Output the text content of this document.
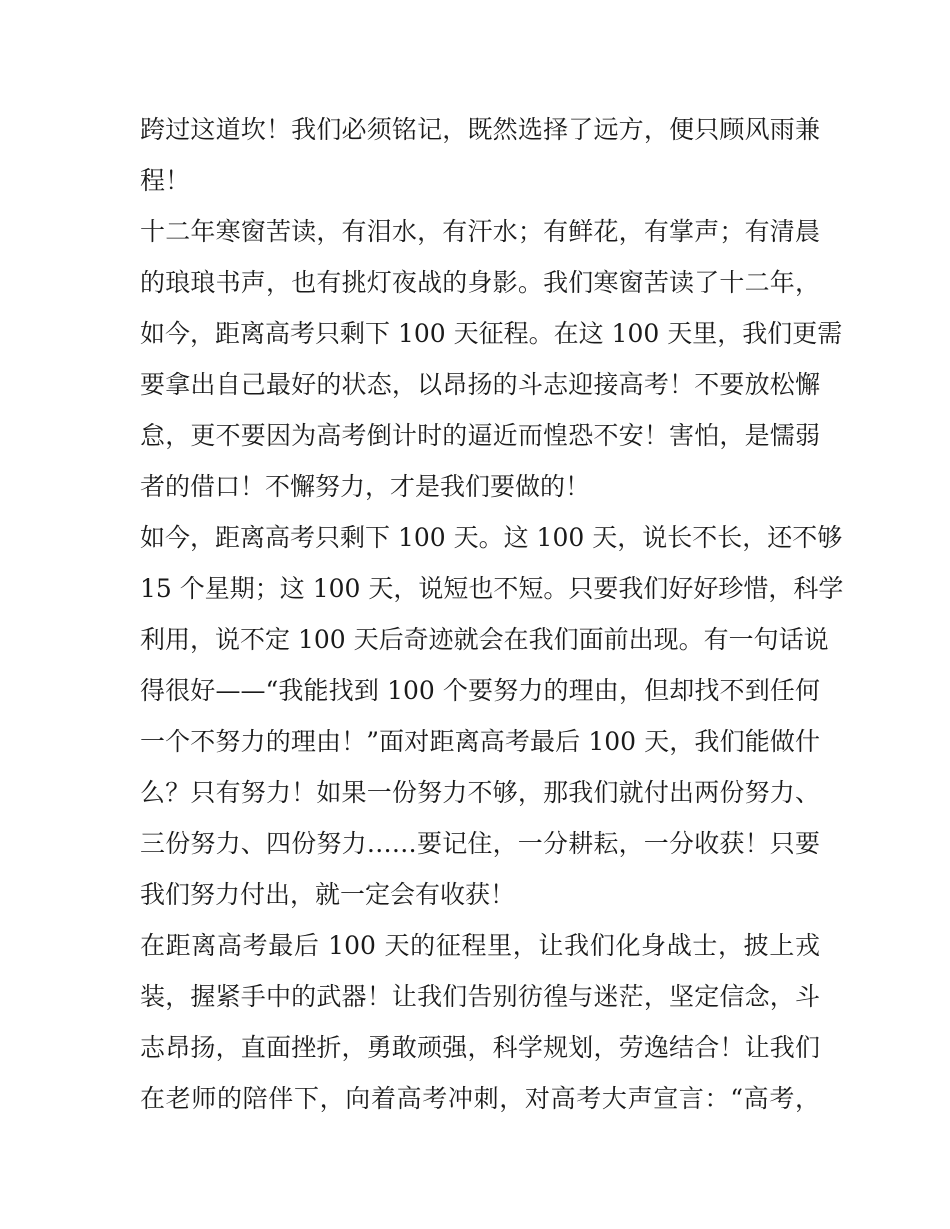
跨过这道坎！我们必须铭记，既然选择了远方，便只顾风雨兼
程！
十二年寒窗苦读，有泪水，有汗水；有鲜花，有掌声；有清晨
的琅琅书声，也有挑灯夜战的身影。我们寒窗苦读了十二年，
如今，距离高考只剩下 100 天征程。在这 100 天里，我们更需
要拿出自己最好的状态，以昂扬的斗志迎接高考！不要放松懈
怠，更不要因为高考倒计时的逼近而惶恐不安！害怕，是懦弱
者的借口！不懈努力，才是我们要做的！
如今，距离高考只剩下 100 天。这 100 天，说长不长，还不够
15 个星期；这 100 天，说短也不短。只要我们好好珍惜，科学
利用，说不定 100 天后奇迹就会在我们面前出现。有一句话说
得很好——“我能找到 100 个要努力的理由，但却找不到任何
一个不努力的理由！”面对距离高考最后 100 天，我们能做什
么？只有努力！如果一份努力不够，那我们就付出两份努力、
三份努力、四份努力……要记住，一分耕耘，一分收获！只要
我们努力付出，就一定会有收获！
在距离高考最后 100 天的征程里，让我们化身战士，披上戎
装，握紧手中的武器！让我们告别彷徨与迷茫，坚定信念，斗
志昂扬，直面挫折，勇敢顽强，科学规划，劳逸结合！让我们
在老师的陪伴下，向着高考冲刺，对高考大声宣言：“高考，
